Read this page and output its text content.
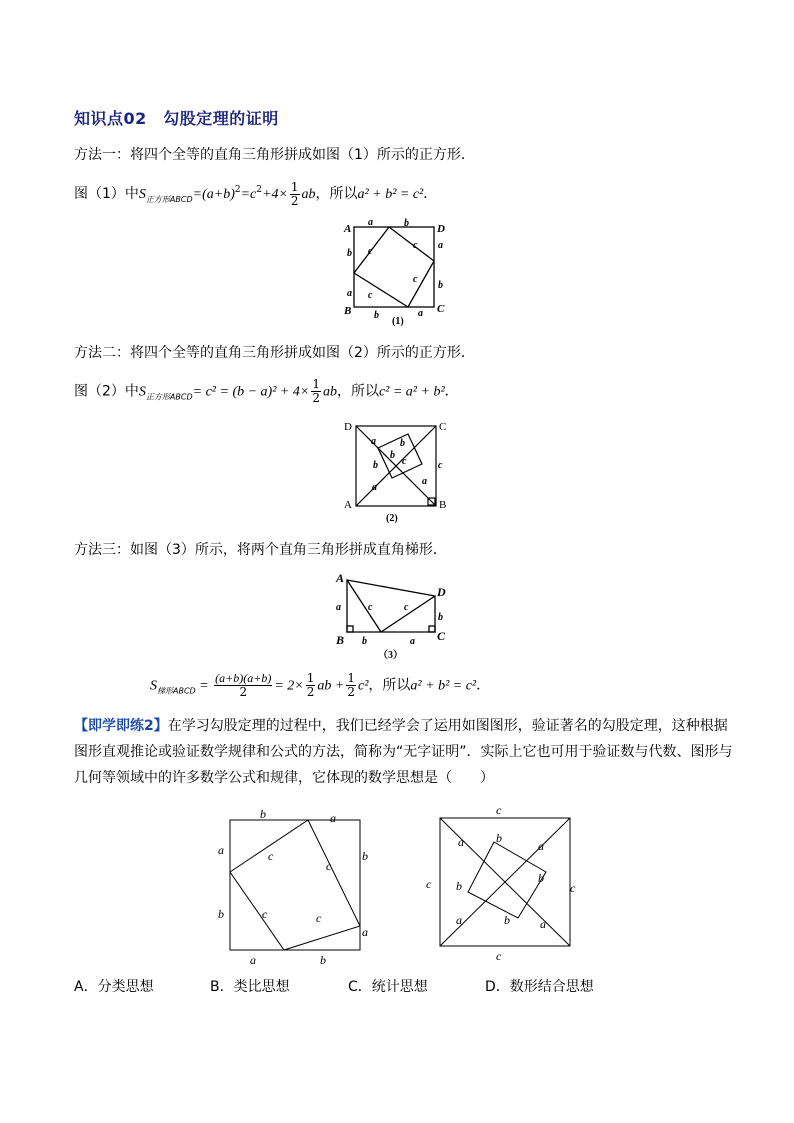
知识点02　勾股定理的证明
方法一：将四个全等的直角三角形拼成如图（1）所示的正方形．
图（1）中$S_{正方形ABCD}=(a+b)^2=c^2+4\times \frac{1}{2}$ ab，所以a² + b² = c²．
A	D
B	C
a
b c
c a
c
b
a c
b	a
b
(1)
方法二：将四个全等的直角三角形拼成如图（2）所示的正方形．
图（2）中$S_{正方形ABCD}= c^2 = (b - a)^2 + 4\times \frac{1}{2}$ ab，所以c² = a² + b²．
D	C
A	B
a b
c
b
a
c
a
b
(2)
方法三：如图（3）所示，将两个直角三角形拼成直角梯形．
A
D
B	C
a	c	c
b
b	a
（3）
$S_{梯形ABCD} = \frac{(a+b)(a+b)}{2} = 2\times \frac{1}{2}$ ab + $\frac{1}{2} c^2$，所以a² + b² = c²．
【即学即练2】在学习勾股定理的过程中，我们已经学会了运用如图图形，验证著名的勾股定理，这种根据图形直观推论或验证数学规律和公式的方法，简称为“无字证明”．实际上它也可用于验证数与代数、图形与几何等领域中的许多数学公式和规律，它体现的数学思想是（　　）
b	a
a
b
c
c
b
a
c	c
a	b
c
a	b
a
c	b
c
b
b
a	a
c
A．分类思想	B．类比思想	C．统计思想	D．数形结合思想
